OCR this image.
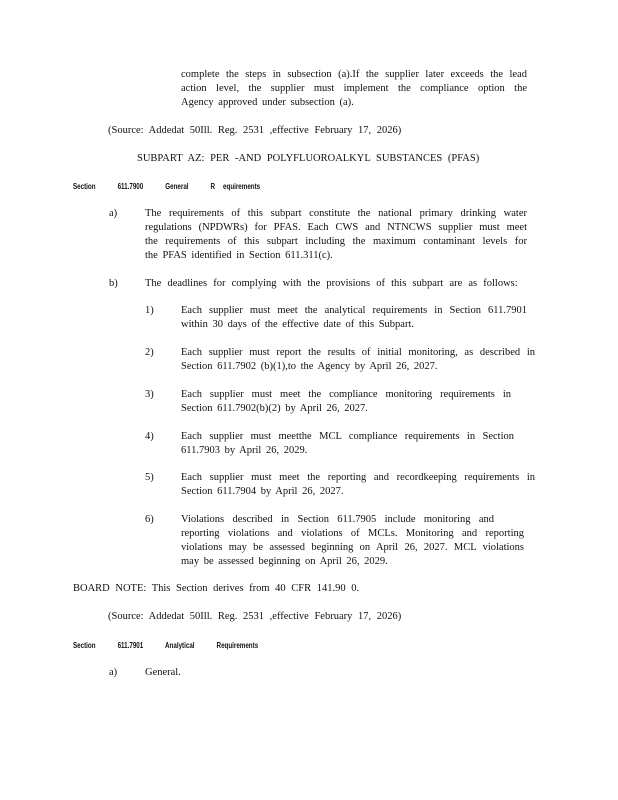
complete the steps in subsection (a).If the supplier later exceeds the lead
action level, the supplier must implement the compliance option the
Agency approved under subsection (a).
(Source: Addedat 50Ill. Reg. 2531 ,effective February 17, 2026)
SUBPART AZ: PER -AND POLYFLUOROALKYL SUBSTANCES (PFAS)
Section	611.7900	General	R equirements
a)	The requirements of this subpart constitute the national primary drinking water
regulations (NPDWRs) for PFAS. Each CWS and NTNCWS supplier must meet
the requirements of this subpart including the maximum contaminant levels for
the PFAS identified in Section 611.311(c).
b)	The deadlines for complying with the provisions of this subpart are as follows:
1)	Each supplier must meet the analytical requirements in Section 611.7901
within 30 days of the effective date of this Subpart.
2)	Each supplier must report the results of initial monitoring, as described in
Section 611.7902 (b)(1),to the Agency by April 26, 2027.
3)	Each supplier must meet the compliance monitoring requirements in
Section 611.7902(b)(2) by April 26, 2027.
4)	Each supplier must meetthe MCL compliance requirements in Section
611.7903 by April 26, 2029.
5)	Each supplier must meet the reporting and recordkeeping requirements in
Section 611.7904 by April 26, 2027.
6)	Violations described in Section 611.7905 include monitoring and
reporting violations and violations of MCLs. Monitoring and reporting
violations may be assessed beginning on April 26, 2027. MCL violations
may be assessed beginning on April 26, 2029.
BOARD NOTE: This Section derives from 40 CFR 141.90 0.
(Source: Addedat 50Ill. Reg. 2531 ,effective February 17, 2026)
Section	611.7901	Analytical	Requirements
a)	General.
